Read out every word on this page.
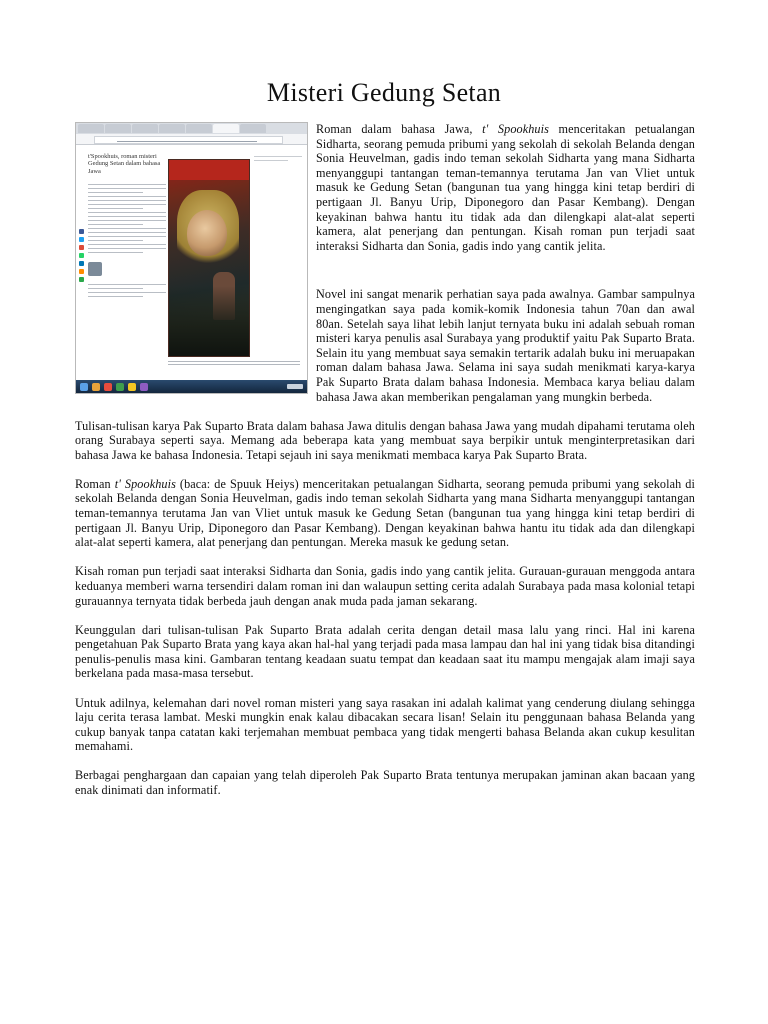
Misteri Gedung Setan
t'Spookhuis, roman misteri Gedung Setan dalam bahasa Jawa

Roman dalam bahasa Jawa, t' Spookhuis menceritakan petualangan Sidharta, seorang pemuda pribumi yang sekolah di sekolah Belanda dengan Sonia Heuvelman, gadis indo teman sekolah Sidharta yang mana Sidharta menyanggupi tantangan teman-temannya terutama Jan van Vliet untuk masuk ke Gedung Setan (bangunan tua yang hingga kini tetap berdiri di pertigaan Jl. Banyu Urip, Diponegoro dan Pasar Kembang). Dengan keyakinan bahwa hantu itu tidak ada dan dilengkapi alat-alat seperti kamera, alat penerjang dan pentungan. Kisah roman pun terjadi saat interaksi Sidharta dan Sonia, gadis indo yang cantik jelita.

Novel ini sangat menarik perhatian saya pada awalnya. Gambar sampulnya mengingatkan saya pada komik-komik Indonesia tahun 70an dan awal 80an. Setelah saya lihat lebih lanjut ternyata buku ini adalah sebuah roman misteri karya penulis asal Surabaya yang produktif yaitu Pak Suparto Brata. Selain itu yang membuat saya semakin tertarik adalah buku ini meruapakan roman dalam bahasa Jawa. Selama ini saya sudah menikmati karya-karya Pak Suparto Brata dalam bahasa Indonesia. Membaca karya beliau dalam bahasa Jawa akan memberikan pengalaman yang mungkin berbeda.

Tulisan-tulisan karya Pak Suparto Brata dalam bahasa Jawa ditulis dengan bahasa Jawa yang mudah dipahami terutama oleh orang Surabaya seperti saya. Memang ada beberapa kata yang membuat saya berpikir untuk menginterpretasikan dari bahasa Jawa ke bahasa Indonesia. Tetapi sejauh ini saya menikmati membaca karya Pak Suparto Brata.

Roman t' Spookhuis (baca: de Spuuk Heiys) menceritakan petualangan Sidharta, seorang pemuda pribumi yang sekolah di sekolah Belanda dengan Sonia Heuvelman, gadis indo teman sekolah Sidharta yang mana Sidharta menyanggupi tantangan teman-temannya terutama Jan van Vliet untuk masuk ke Gedung Setan (bangunan tua yang hingga kini tetap berdiri di pertigaan Jl. Banyu Urip, Diponegoro dan Pasar Kembang). Dengan keyakinan bahwa hantu itu tidak ada dan dilengkapi alat-alat seperti kamera, alat penerjang dan pentungan. Mereka masuk ke gedung setan.

Kisah roman pun terjadi saat interaksi Sidharta dan Sonia, gadis indo yang cantik jelita. Gurauan-gurauan menggoda antara keduanya memberi warna tersendiri dalam roman ini dan walaupun setting cerita adalah Surabaya pada masa kolonial tetapi gurauannya ternyata tidak berbeda jauh dengan anak muda pada jaman sekarang.

Keunggulan dari tulisan-tulisan Pak Suparto Brata adalah cerita dengan detail masa lalu yang rinci. Hal ini karena pengetahuan Pak Suparto Brata yang kaya akan hal-hal yang terjadi pada masa lampau dan hal ini yang tidak bisa ditandingi penulis-penulis masa kini. Gambaran tentang keadaan suatu tempat dan keadaan saat itu mampu mengajak alam imaji saya berkelana pada masa-masa tersebut.

Untuk adilnya, kelemahan dari novel roman misteri yang saya rasakan ini adalah kalimat yang cenderung diulang sehingga laju cerita terasa lambat. Meski mungkin enak kalau dibacakan secara lisan! Selain itu penggunaan bahasa Belanda yang cukup banyak tanpa catatan kaki terjemahan membuat pembaca yang tidak mengerti bahasa Belanda akan cukup kesulitan memahami.

Berbagai penghargaan dan capaian yang telah diperoleh Pak Suparto Brata tentunya merupakan jaminan akan bacaan yang enak dinimati dan informatif.
